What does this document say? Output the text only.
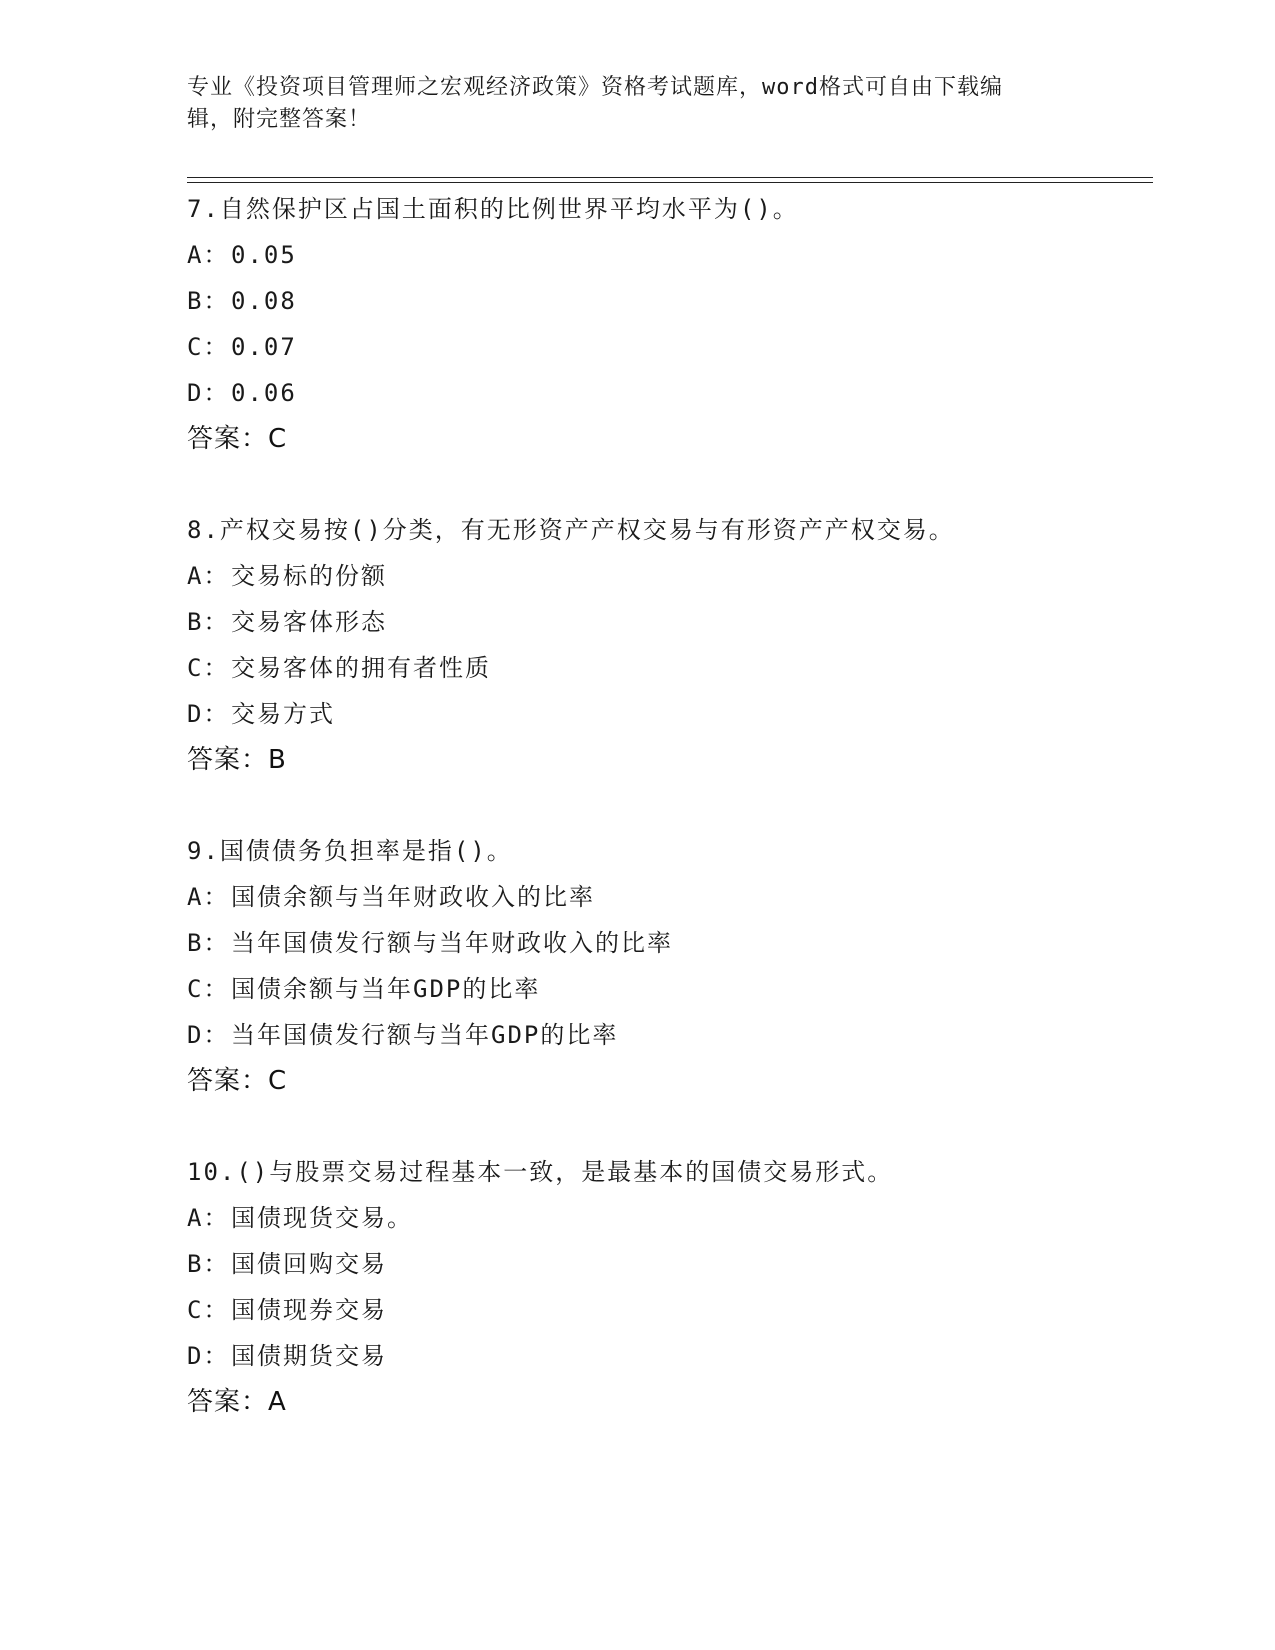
专业《投资项目管理师之宏观经济政策》资格考试题库，word格式可自由下载编
辑，附完整答案！
7.自然保护区占国土面积的比例世界平均水平为()。
A：0.05
B：0.08
C：0.07
D：0.06
答案：C
8.产权交易按()分类，有无形资产产权交易与有形资产产权交易。
A：交易标的份额
B：交易客体形态
C：交易客体的拥有者性质
D：交易方式
答案：B
9.国债债务负担率是指()。
A：国债余额与当年财政收入的比率
B：当年国债发行额与当年财政收入的比率
C：国债余额与当年GDP的比率
D：当年国债发行额与当年GDP的比率
答案：C
10.()与股票交易过程基本一致，是最基本的国债交易形式。
A：国债现货交易。
B：国债回购交易
C：国债现券交易
D：国债期货交易
答案：A
